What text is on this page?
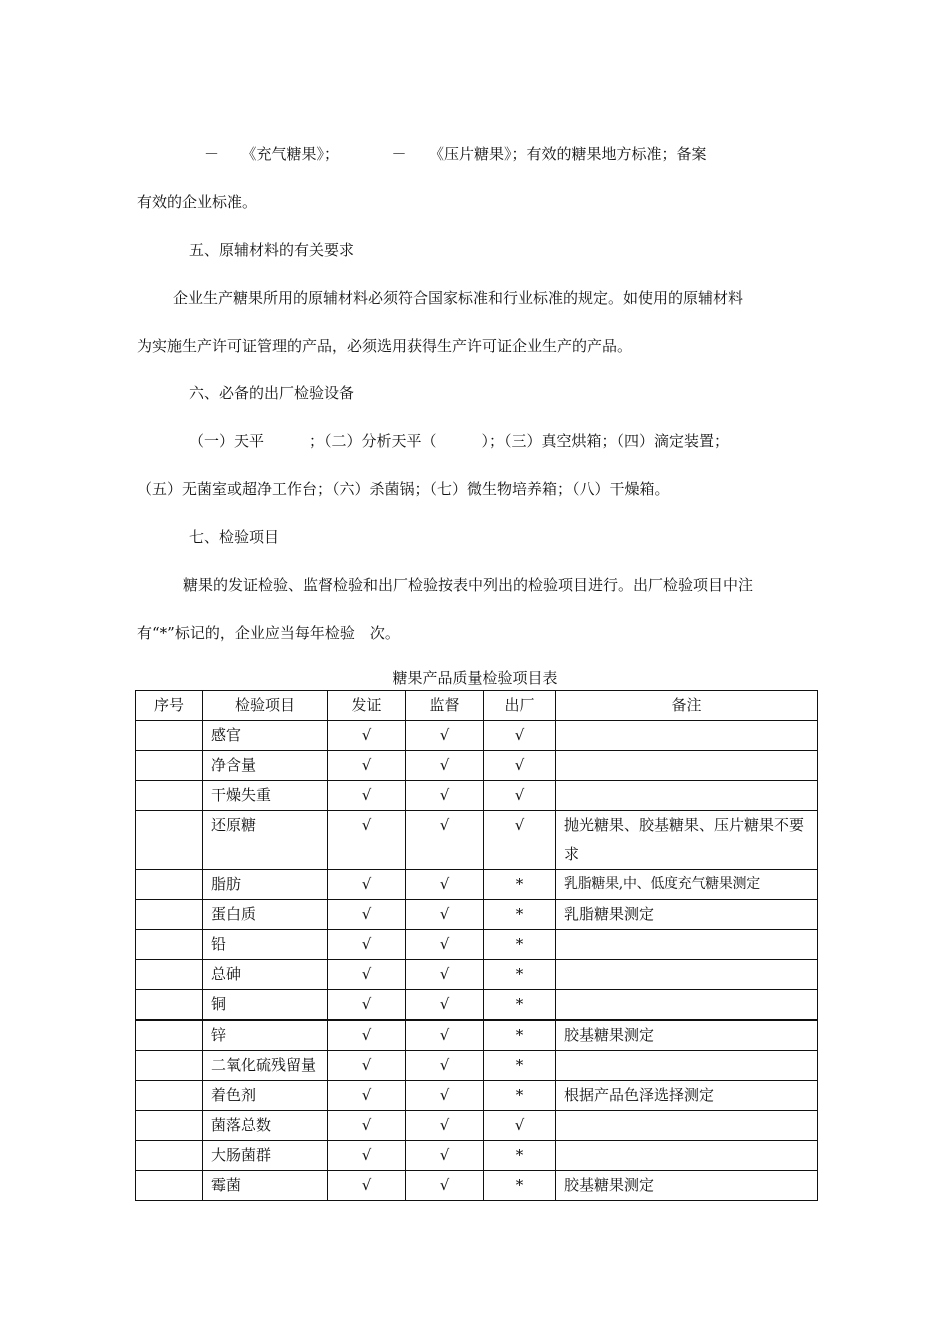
－　　《充气糖果》；　　　　－　　《压片糖果》；有效的糖果地方标准；备案
有效的企业标准。
五、原辅材料的有关要求
企业生产糖果所用的原辅材料必须符合国家标准和行业标准的规定。如使用的原辅材料
为实施生产许可证管理的产品，必须选用获得生产许可证企业生产的产品。
六、必备的出厂检验设备
（一）天平　　　；（二）分析天平（　　　）；（三）真空烘箱；（四）滴定装置；
（五）无菌室或超净工作台；（六）杀菌锅；（七）微生物培养箱；（八）干燥箱。
七、检验项目
糖果的发证检验、监督检验和出厂检验按表中列出的检验项目进行。出厂检验项目中注
有“*”标记的，企业应当每年检验　次。
糖果产品质量检验项目表
序号	检验项目	发证	监督	出厂	备注
	感官	√	√	√	
	净含量	√	√	√	
	干燥失重	√	√	√	
	还原糖	√	√	√	抛光糖果、胶基糖果、压片糖果不要求
	脂肪	√	√	*	乳脂糖果,中、低度充气糖果测定
	蛋白质	√	√	*	乳脂糖果测定
	铅	√	√	*	
	总砷	√	√	*	
	铜	√	√	*	
	锌	√	√	*	胶基糖果测定
	二氧化硫残留量	√	√	*	
	着色剂	√	√	*	根据产品色泽选择测定
	菌落总数	√	√	√	
	大肠菌群	√	√	*	
	霉菌	√	√	*	胶基糖果测定
